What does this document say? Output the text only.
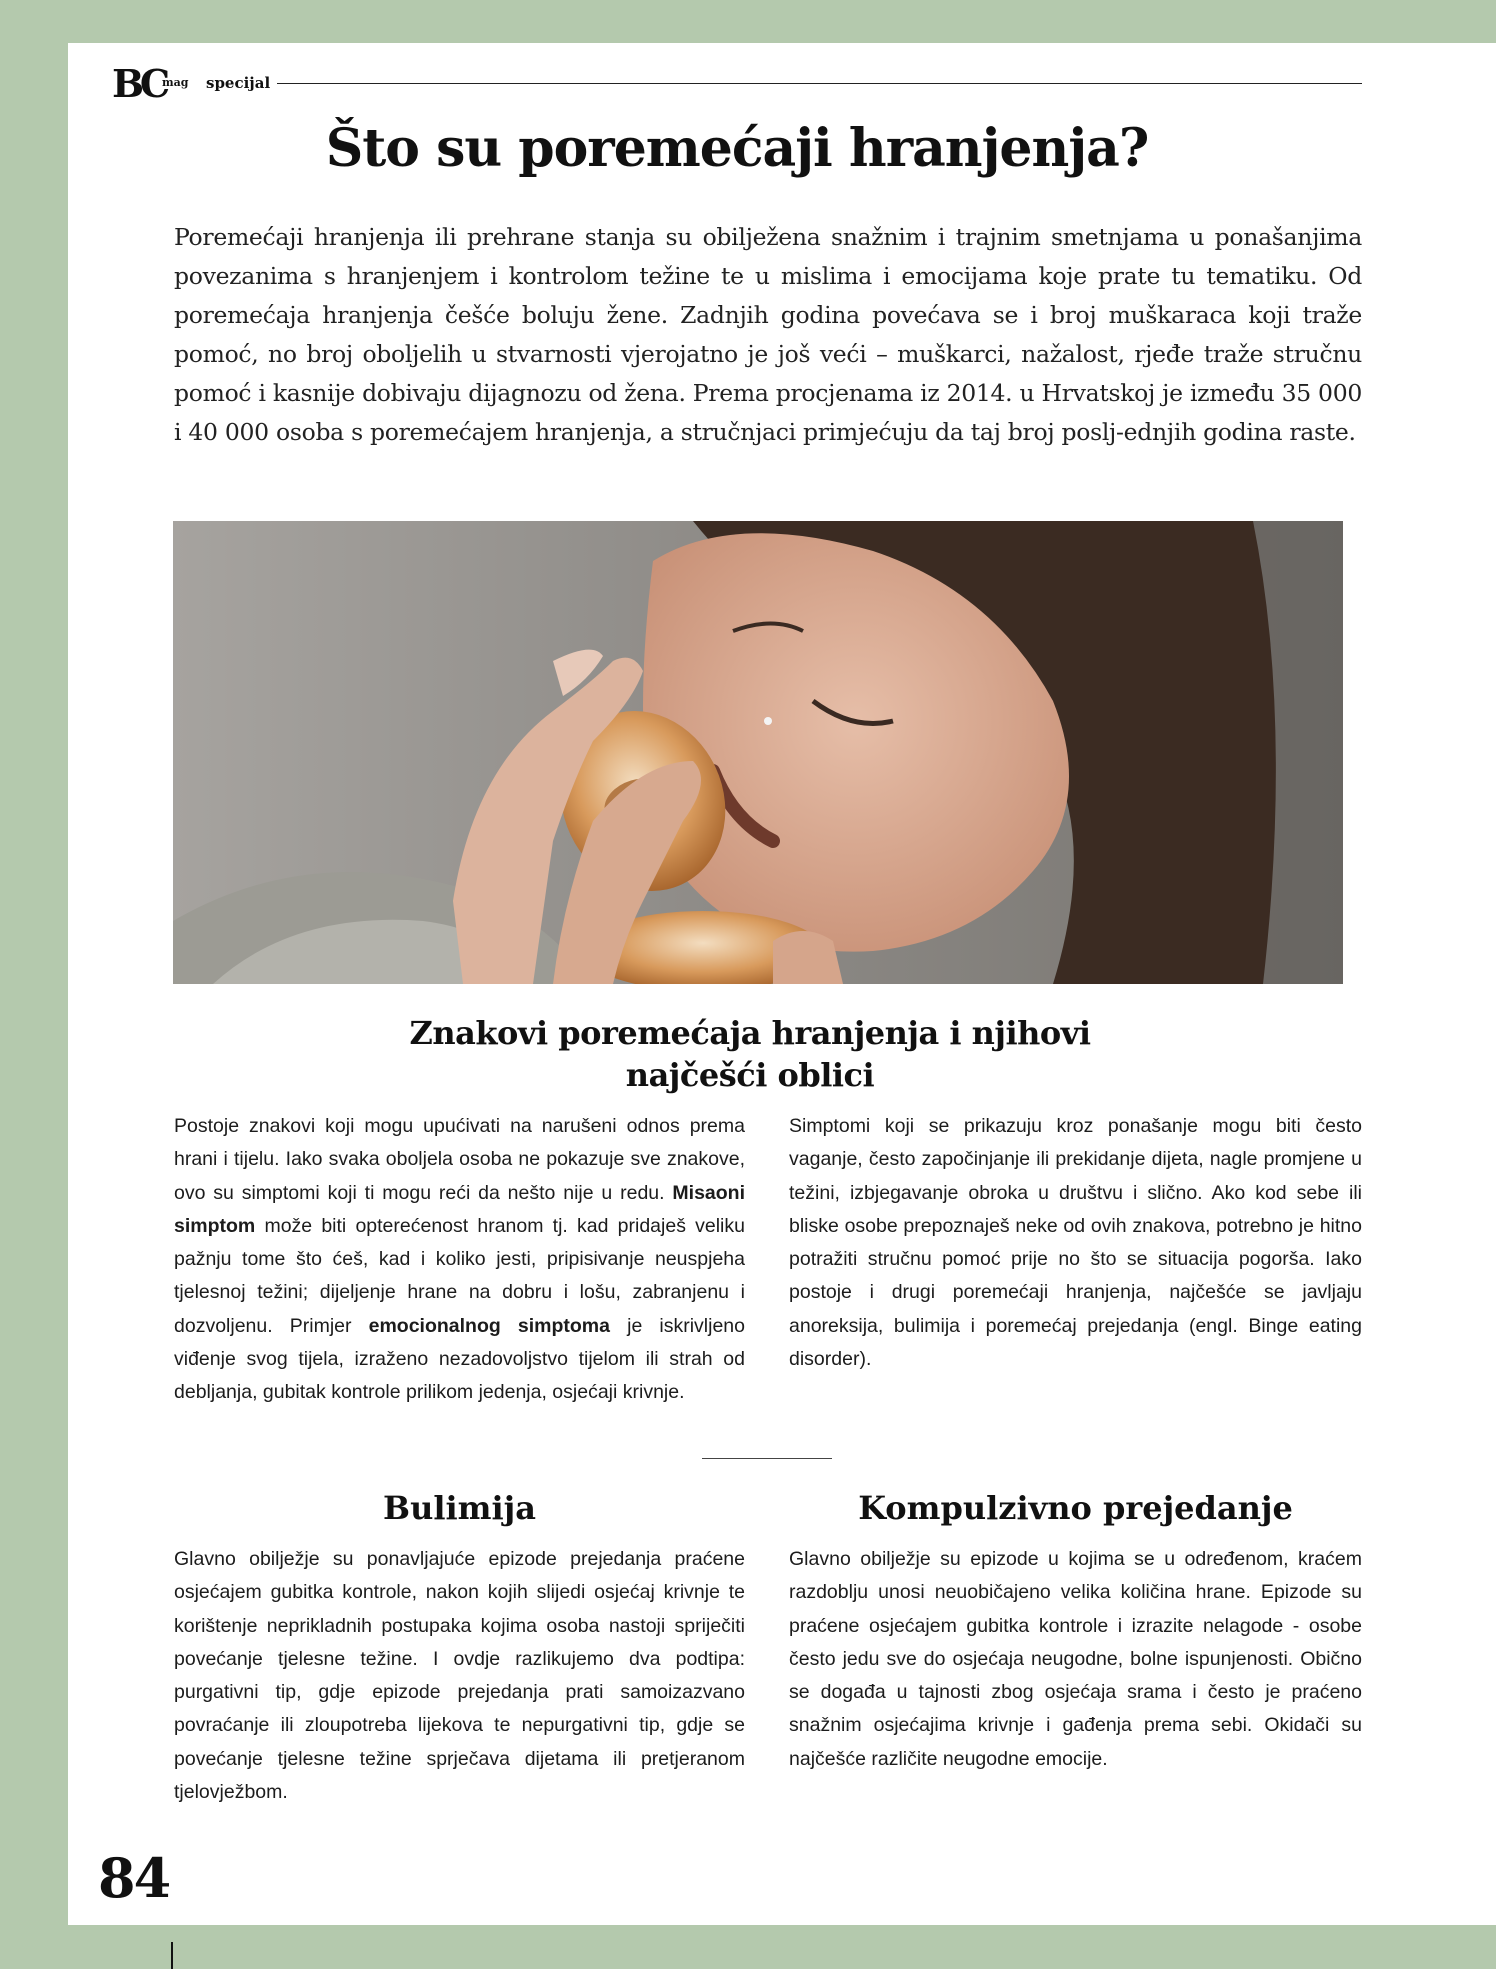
BC
mag specijal
Što su poremećaji hranjenja?

Poremećaji hranjenja ili prehrane stanja su obilježena snažnim i trajnim smetnjama u ponašanjima povezanima s hranjenjem i kontrolom težine te u mislima i emocijama koje prate tu tematiku. Od poremećaja hranjenja češće boluju žene. Zadnjih godina povećava se i broj muškaraca koji traže pomoć, no broj oboljelih u stvarnosti vjerojatno je još veći – muškarci, nažalost, rjeđe traže stručnu pomoć i kasnije dobivaju dijagnozu od žena. Prema procjenama iz 2014. u Hrvatskoj je između 35 000 i 40 000 osoba s poremećajem hranjenja, a stručnjaci primjećuju da taj broj poslj-ednjih godina raste.

Znakovi poremećaja hranjenja i njihovi
najčešći oblici

Postoje znakovi koji mogu upućivati na narušeni odnos prema hrani i tijelu. Iako svaka oboljela osoba ne pokazuje sve znakove, ovo su simptomi koji ti mogu reći da nešto nije u redu. Misaoni simptom može biti opterećenost hranom tj. kad pridaješ veliku pažnju tome što ćeš, kad i koliko jesti, pripisivanje neuspjeha tjelesnoj težini; dijeljenje hrane na dobru i lošu, zabranjenu i dozvoljenu. Primjer emocionalnog simptoma je iskrivljeno viđenje svog tijela, izraženo nezadovoljstvo tijelom ili strah od debljanja, gubitak kontrole prilikom jedenja, osjećaji krivnje.

Simptomi koji se prikazuju kroz ponašanje mogu biti često vaganje, često započinjanje ili prekidanje dijeta, nagle promjene u težini, izbjegavanje obroka u društvu i slično. Ako kod sebe ili bliske osobe prepoznaješ neke od ovih znakova, potrebno je hitno potražiti stručnu pomoć prije no što se situacija pogorša. Iako postoje i drugi poremećaji hranjenja, najčešće se javljaju anoreksija, bulimija i poremećaj prejedanja (engl. Binge eating disorder).

Bulimija

Glavno obilježje su ponavljajuće epizode prejedanja praćene osjećajem gubitka kontrole, nakon kojih slijedi osjećaj krivnje te korištenje neprikladnih postupaka kojima osoba nastoji spriječiti povećanje tjelesne težine. I ovdje razlikujemo dva podtipa: purgativni tip, gdje epizode prejedanja prati samoizazvano povraćanje ili zloupotreba lijekova te nepurgativni tip, gdje se povećanje tjelesne težine sprječava dijetama ili pretjeranom tjelovježbom.

Kompulzivno prejedanje

Glavno obilježje su epizode u kojima se u određenom, kraćem razdoblju unosi neuobičajeno velika količina hrane. Epizode su praćene osjećajem gubitka kontrole i izrazite nelagode - osobe često jedu sve do osjećaja neugodne, bolne ispunjenosti. Obično se događa u tajnosti zbog osjećaja srama i često je praćeno snažnim osjećajima krivnje i gađenja prema sebi. Okidači su najčešće različite neugodne emocije.

84
